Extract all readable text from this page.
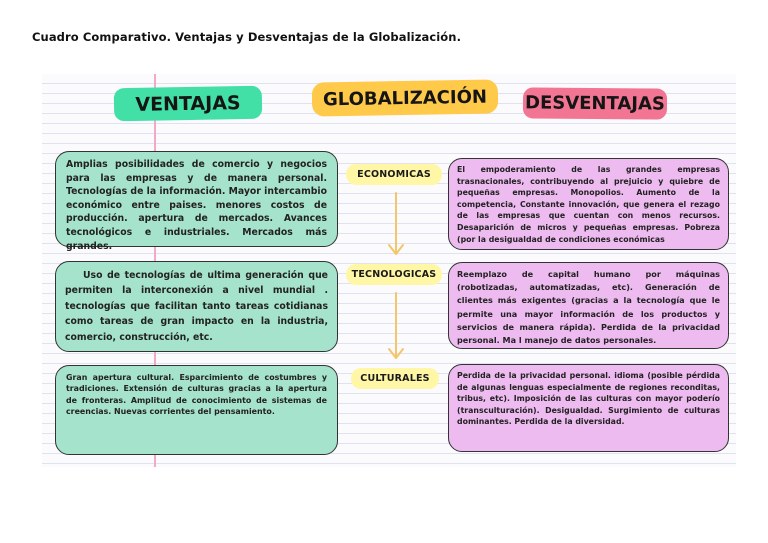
Cuadro Comparativo. Ventajas y Desventajas de la Globalización.
VENTAJAS	GLOBALIZACIÓN	DESVENTAJAS
Amplias posibilidades de comercio y negocios para las empresas y de manera personal. Tecnologías de la información. Mayor intercambio económico entre paises. menores costos de producción. apertura de mercados. Avances tecnológicos e industriales. Mercados más grandes.
Uso de tecnologías de ultima generación que permiten la interconexión a nivel mundial . tecnologías que facilitan tanto tareas cotidianas como tareas de gran impacto en la industria, comercio, construcción, etc.
Gran apertura cultural. Esparcimiento de costumbres y tradiciones. Extensión de culturas gracias a la apertura de fronteras. Amplitud de conocimiento de sistemas de creencias. Nuevas corrientes del pensamiento.
ECONOMICAS
TECNOLOGICAS
CULTURALES
El empoderamiento de las grandes empresas trasnacionales, contribuyendo al prejuicio y quiebre de pequeñas empresas. Monopolios. Aumento de la competencia, Constante innovación, que genera el rezago de las empresas que cuentan con menos recursos. Desaparición de micros y pequeñas empresas. Pobreza (por la desigualdad de condiciones económicas
Reemplazo de capital humano por máquinas (robotizadas, automatizadas, etc). Generación de clientes más exigentes (gracias a la tecnología que le permite una mayor información de los productos y servicios de manera rápida). Perdida de la privacidad personal. Ma l manejo de datos personales.
Perdida de la privacidad personal. idioma (posible pérdida de algunas lenguas especialmente de regiones reconditas, tribus, etc). Imposición de las culturas con mayor poderío (transculturación). Desigualdad. Surgimiento de culturas dominantes. Perdida de la diversidad.
